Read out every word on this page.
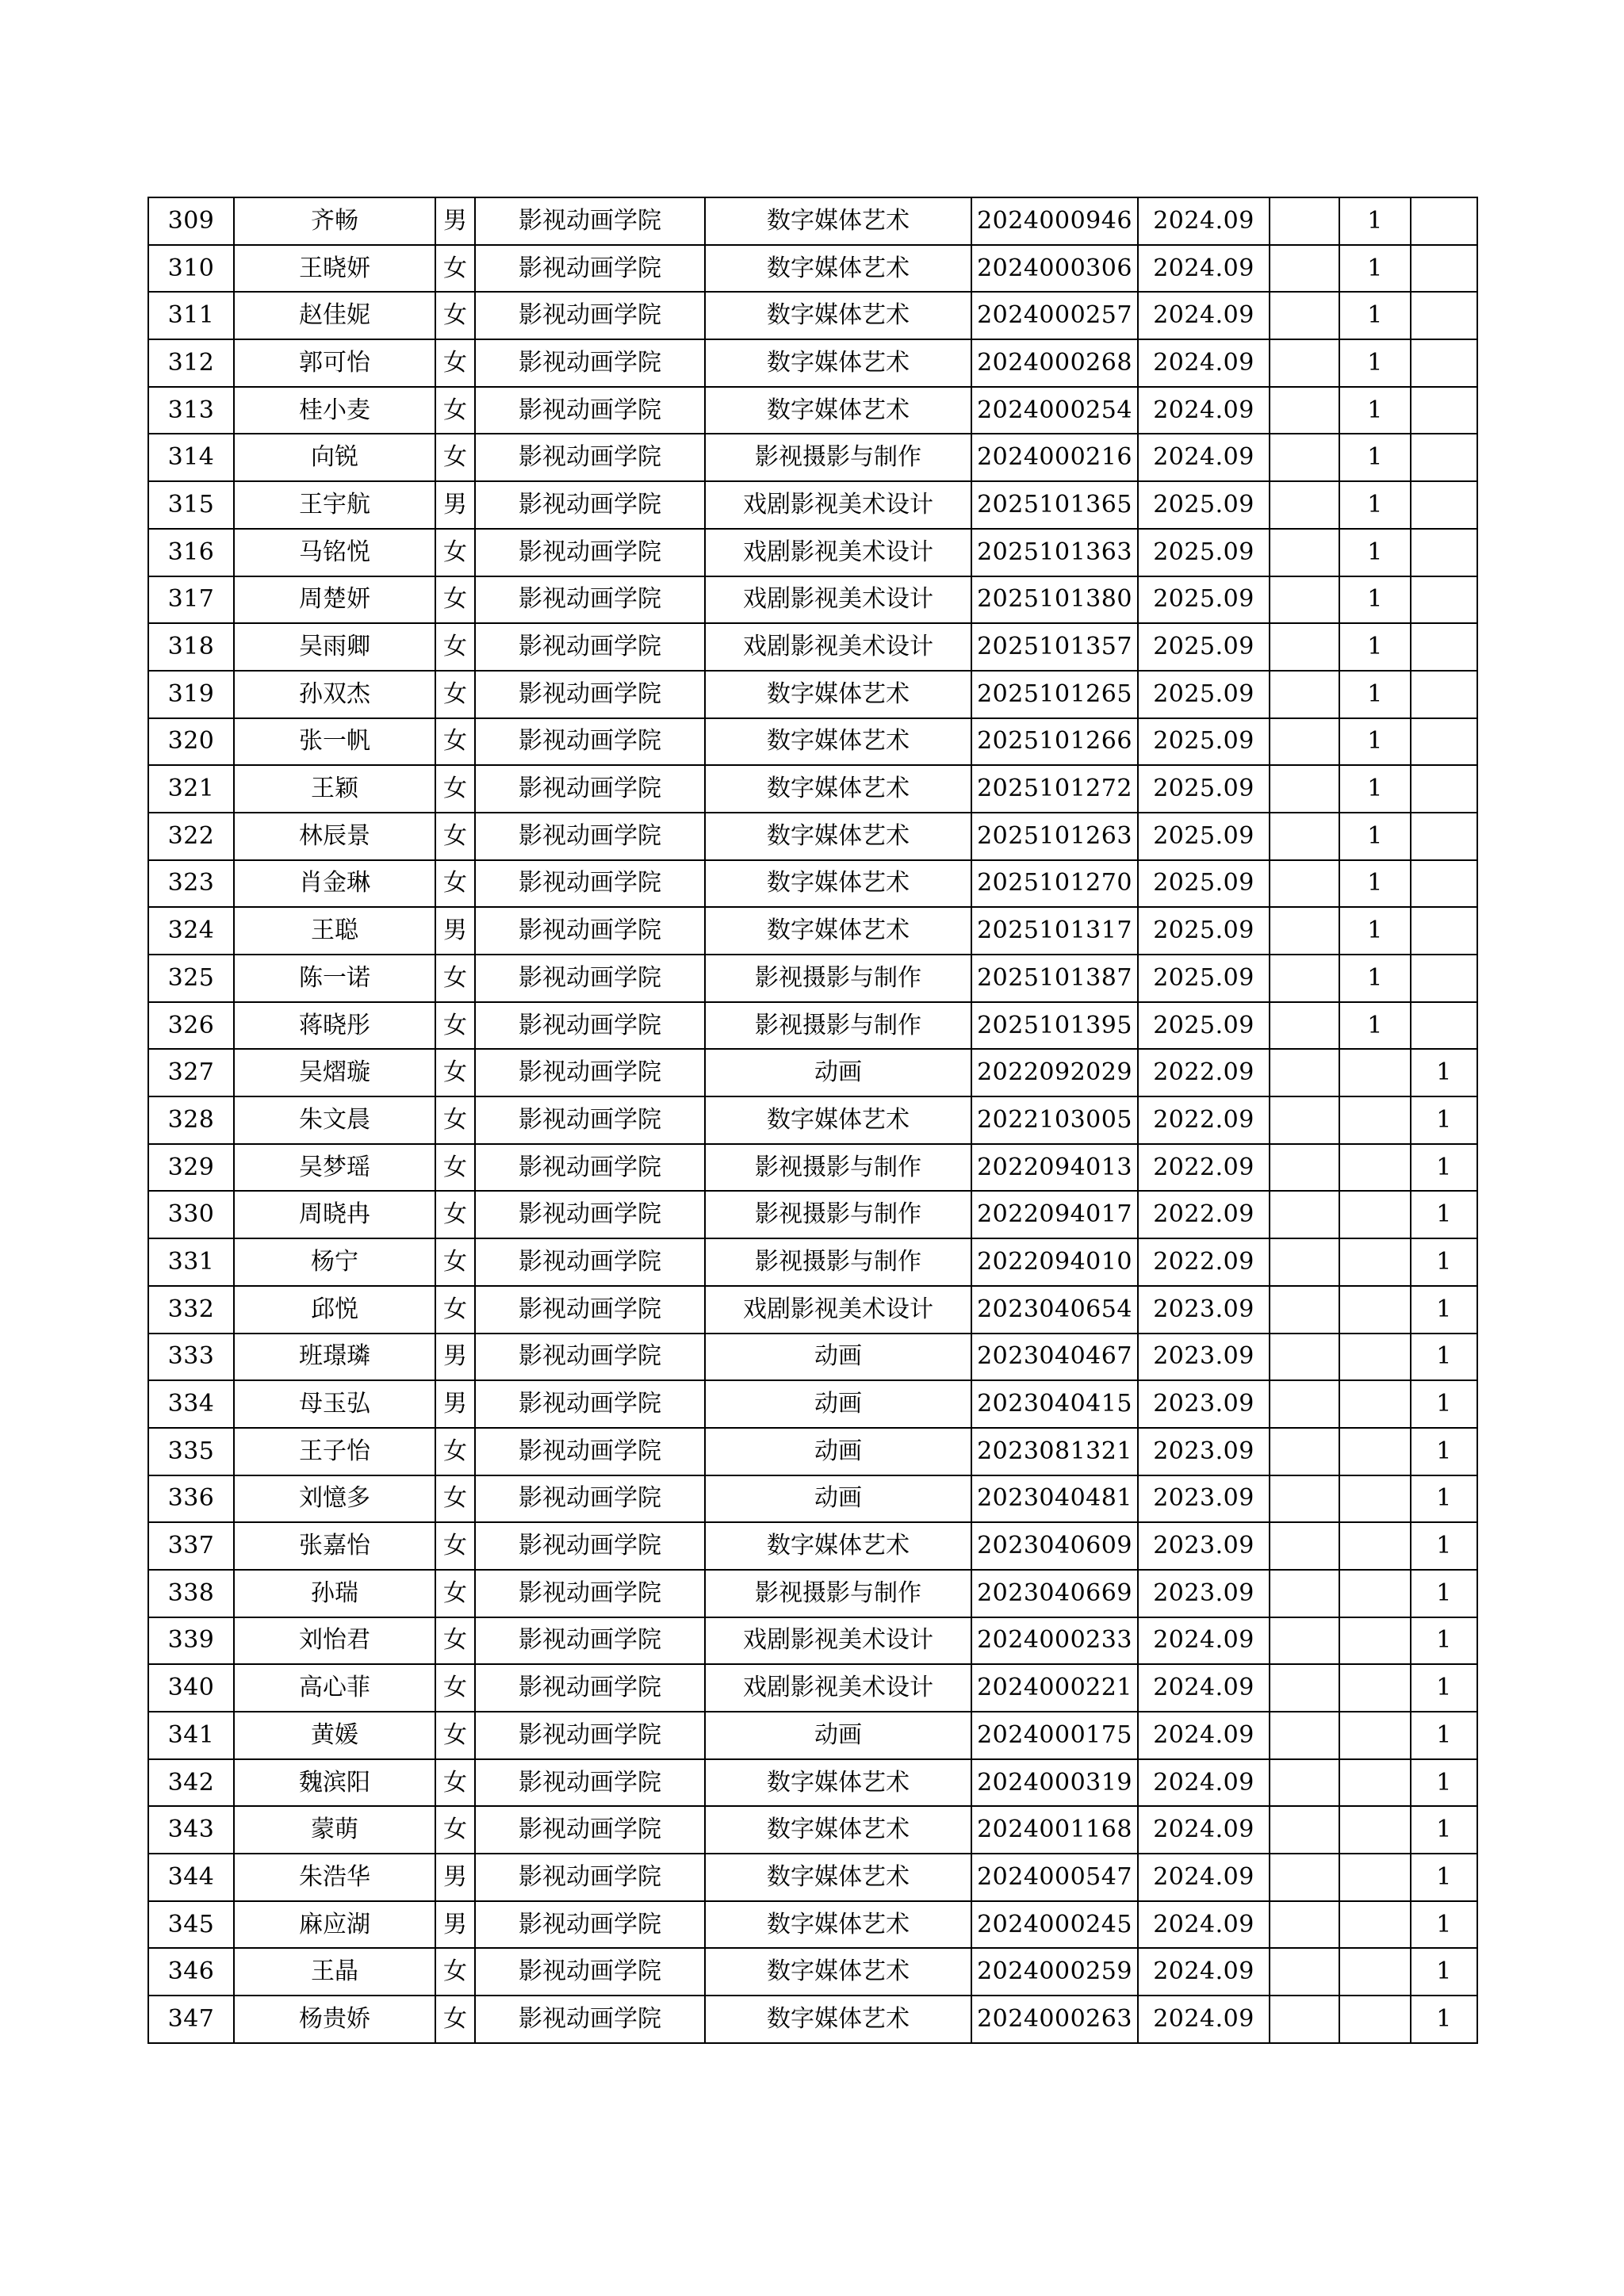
309	齐畅	男	影视动画学院	数字媒体艺术	2024000946	2024.09		1	
310	王晓妍	女	影视动画学院	数字媒体艺术	2024000306	2024.09		1	
311	赵佳妮	女	影视动画学院	数字媒体艺术	2024000257	2024.09		1	
312	郭可怡	女	影视动画学院	数字媒体艺术	2024000268	2024.09		1	
313	桂小麦	女	影视动画学院	数字媒体艺术	2024000254	2024.09		1	
314	向锐	女	影视动画学院	影视摄影与制作	2024000216	2024.09		1	
315	王宇航	男	影视动画学院	戏剧影视美术设计	2025101365	2025.09		1	
316	马铭悦	女	影视动画学院	戏剧影视美术设计	2025101363	2025.09		1	
317	周楚妍	女	影视动画学院	戏剧影视美术设计	2025101380	2025.09		1	
318	吴雨卿	女	影视动画学院	戏剧影视美术设计	2025101357	2025.09		1	
319	孙双杰	女	影视动画学院	数字媒体艺术	2025101265	2025.09		1	
320	张一帆	女	影视动画学院	数字媒体艺术	2025101266	2025.09		1	
321	王颖	女	影视动画学院	数字媒体艺术	2025101272	2025.09		1	
322	林辰景	女	影视动画学院	数字媒体艺术	2025101263	2025.09		1	
323	肖金琳	女	影视动画学院	数字媒体艺术	2025101270	2025.09		1	
324	王聪	男	影视动画学院	数字媒体艺术	2025101317	2025.09		1	
325	陈一诺	女	影视动画学院	影视摄影与制作	2025101387	2025.09		1	
326	蒋晓彤	女	影视动画学院	影视摄影与制作	2025101395	2025.09		1	
327	吴熠璇	女	影视动画学院	动画	2022092029	2022.09			1
328	朱文晨	女	影视动画学院	数字媒体艺术	2022103005	2022.09			1
329	吴梦瑶	女	影视动画学院	影视摄影与制作	2022094013	2022.09			1
330	周晓冉	女	影视动画学院	影视摄影与制作	2022094017	2022.09			1
331	杨宁	女	影视动画学院	影视摄影与制作	2022094010	2022.09			1
332	邱悦	女	影视动画学院	戏剧影视美术设计	2023040654	2023.09			1
333	班璟璘	男	影视动画学院	动画	2023040467	2023.09			1
334	母玉弘	男	影视动画学院	动画	2023040415	2023.09			1
335	王子怡	女	影视动画学院	动画	2023081321	2023.09			1
336	刘憶多	女	影视动画学院	动画	2023040481	2023.09			1
337	张嘉怡	女	影视动画学院	数字媒体艺术	2023040609	2023.09			1
338	孙瑞	女	影视动画学院	影视摄影与制作	2023040669	2023.09			1
339	刘怡君	女	影视动画学院	戏剧影视美术设计	2024000233	2024.09			1
340	高心菲	女	影视动画学院	戏剧影视美术设计	2024000221	2024.09			1
341	黄媛	女	影视动画学院	动画	2024000175	2024.09			1
342	魏滨阳	女	影视动画学院	数字媒体艺术	2024000319	2024.09			1
343	蒙萌	女	影视动画学院	数字媒体艺术	2024001168	2024.09			1
344	朱浩华	男	影视动画学院	数字媒体艺术	2024000547	2024.09			1
345	麻应湖	男	影视动画学院	数字媒体艺术	2024000245	2024.09			1
346	王晶	女	影视动画学院	数字媒体艺术	2024000259	2024.09			1
347	杨贵娇	女	影视动画学院	数字媒体艺术	2024000263	2024.09			1
